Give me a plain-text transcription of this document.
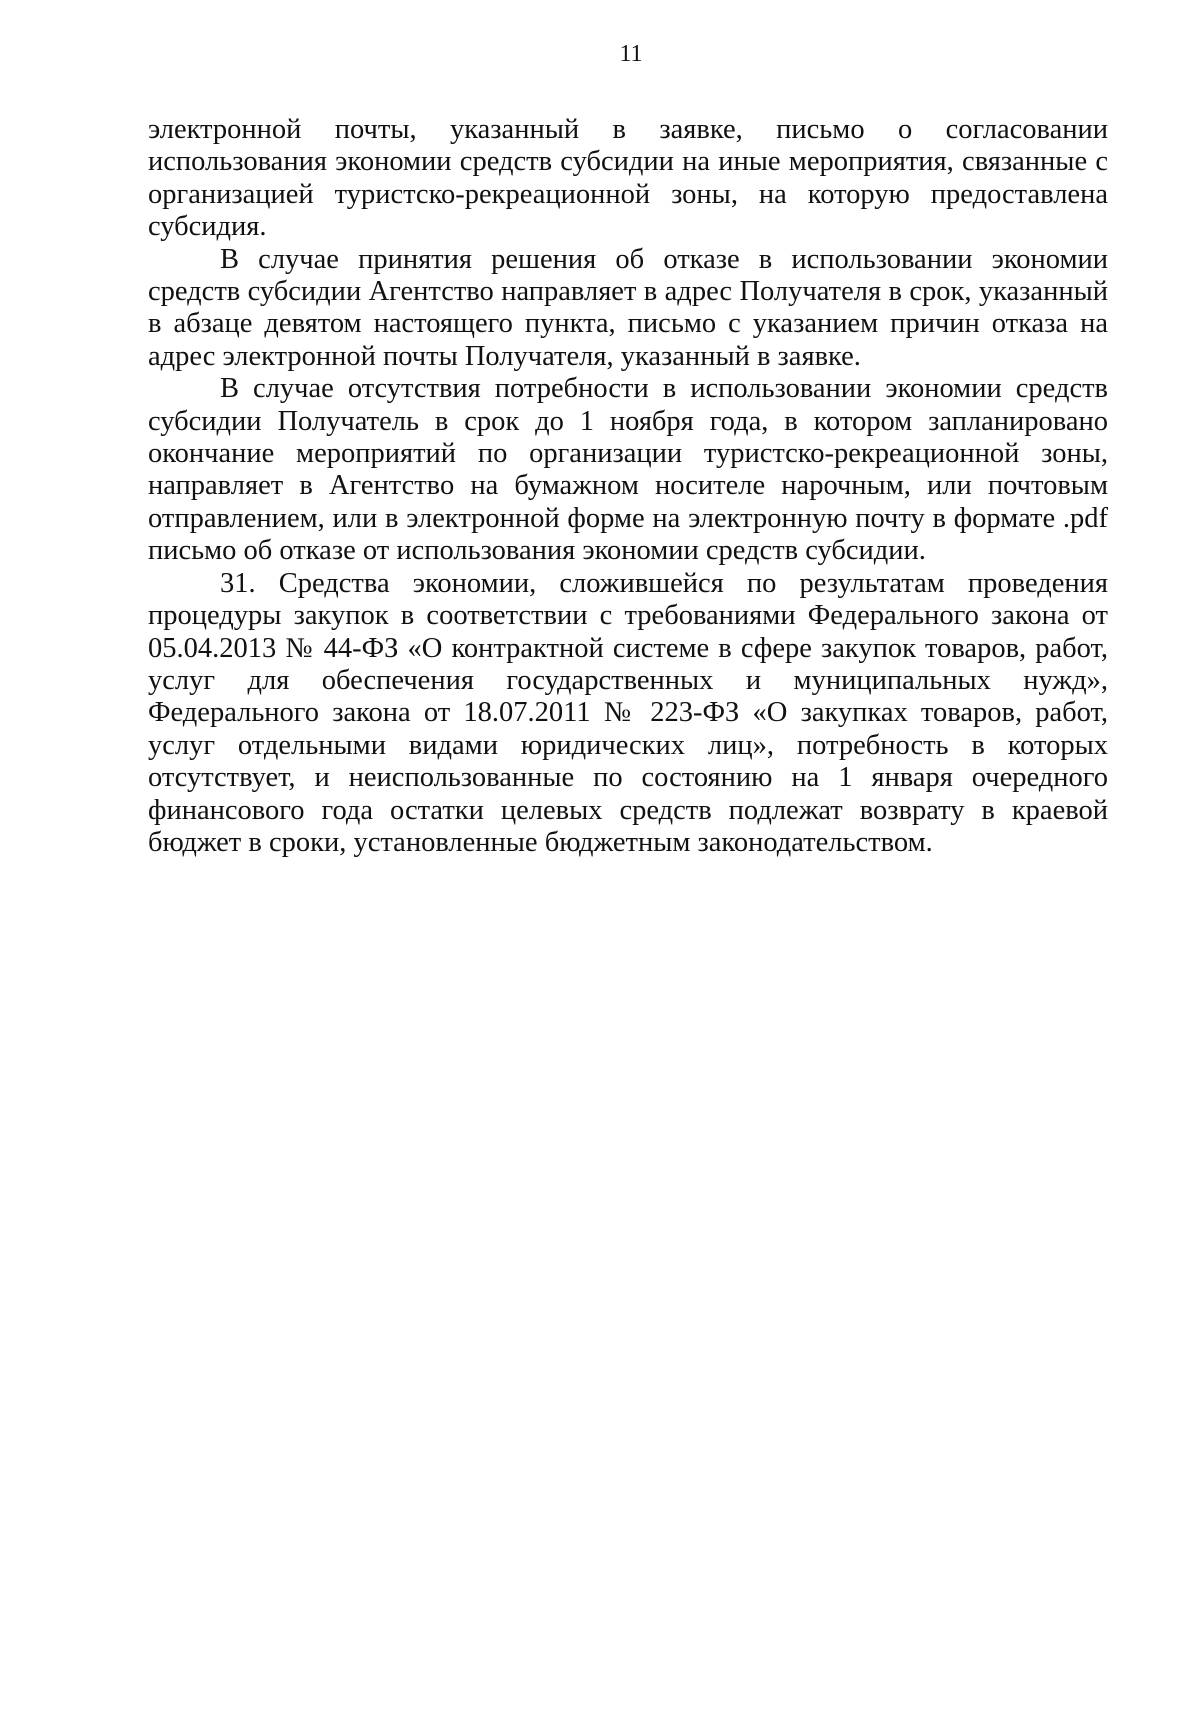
11

электронной почты, указанный в заявке, письмо о согласовании использования экономии средств субсидии на иные мероприятия, связанные с организацией туристско-рекреационной зоны, на которую предоставлена субсидия.

В случае принятия решения об отказе в использовании экономии средств субсидии Агентство направляет в адрес Получателя в срок, указанный в абзаце девятом настоящего пункта, письмо с указанием причин отказа на адрес электронной почты Получателя, указанный в заявке.

В случае отсутствия потребности в использовании экономии средств субсидии Получатель в срок до 1 ноября года, в котором запланировано окончание мероприятий по организации туристско-рекреационной зоны, направляет в Агентство на бумажном носителе нарочным, или почтовым отправлением, или в электронной форме на электронную почту в формате .pdf письмо об отказе от использования экономии средств субсидии.

31. Средства экономии, сложившейся по результатам проведения процедуры закупок в соответствии с требованиями Федерального закона от 05.04.2013 № 44-ФЗ «О контрактной системе в сфере закупок товаров, работ, услуг для обеспечения государственных и муниципальных нужд», Федерального закона от 18.07.2011 № 223-ФЗ «О закупках товаров, работ, услуг отдельными видами юридических лиц», потребность в которых отсутствует, и неиспользованные по состоянию на 1 января очередного финансового года остатки целевых средств подлежат возврату в краевой бюджет в сроки, установленные бюджетным законодательством.
